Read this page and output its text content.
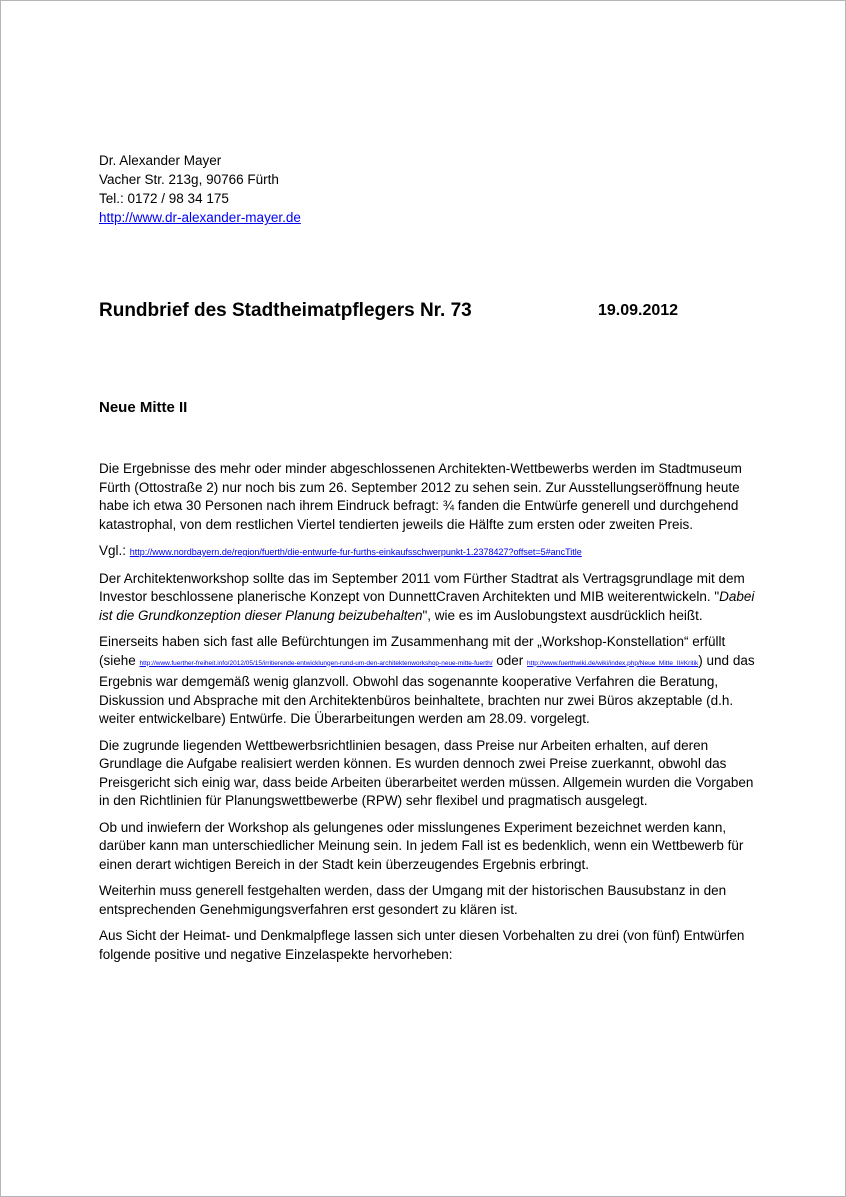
Dr. Alexander Mayer
Vacher Str. 213g, 90766 Fürth
Tel.: 0172 / 98 34 175
http://www.dr-alexander-mayer.de
Rundbrief des Stadtheimatpflegers Nr. 73	19.09.2012
Neue Mitte II

Die Ergebnisse des mehr oder minder abgeschlossenen Architekten-Wettbewerbs werden im Stadtmuseum Fürth (Ottostraße 2) nur noch bis zum 26. September 2012 zu sehen sein. Zur Ausstellungseröffnung heute habe ich etwa 30 Personen nach ihrem Eindruck befragt: ¾ fanden die Entwürfe generell und durchgehend katastrophal, von dem restlichen Viertel tendierten jeweils die Hälfte zum ersten oder zweiten Preis.

Vgl.: http://www.nordbayern.de/region/fuerth/die-entwurfe-fur-furths-einkaufsschwerpunkt-1.2378427?offset=5#ancTitle

Der Architektenworkshop sollte das im September 2011 vom Fürther Stadtrat als Vertragsgrundlage mit dem Investor beschlossene planerische Konzept von DunnettCraven Architekten und MIB weiterentwickeln. "Dabei ist die Grundkonzeption dieser Planung beizubehalten", wie es im Auslobungstext ausdrücklich heißt.

Einerseits haben sich fast alle Befürchtungen im Zusammenhang mit der „Workshop-Konstellation“ erfüllt (siehe http://www.fuerther-freiheit.info/2012/05/15/irritierende-entwicklungen-rund-um-den-architektenworkshop-neue-mitte-fuerth/ oder http://www.fuerthwiki.de/wiki/index.php/Neue_Mitte_II#Kritik) und das Ergebnis war demgemäß wenig glanzvoll. Obwohl das sogenannte kooperative Verfahren die Beratung, Diskussion und Absprache mit den Architektenbüros beinhaltete, brachten nur zwei Büros akzeptable (d.h. weiter entwickelbare) Entwürfe. Die Überarbeitungen werden am 28.09. vorgelegt.

Die zugrunde liegenden Wettbewerbsrichtlinien besagen, dass Preise nur Arbeiten erhalten, auf deren Grundlage die Aufgabe realisiert werden können. Es wurden dennoch zwei Preise zuerkannt, obwohl das Preisgericht sich einig war, dass beide Arbeiten überarbeitet werden müssen. Allgemein wurden die Vorgaben in den Richtlinien für Planungswettbewerbe (RPW) sehr flexibel und pragmatisch ausgelegt.

Ob und inwiefern der Workshop als gelungenes oder misslungenes Experiment bezeichnet werden kann, darüber kann man unterschiedlicher Meinung sein. In jedem Fall ist es bedenklich, wenn ein Wettbewerb für einen derart wichtigen Bereich in der Stadt kein überzeugendes Ergebnis erbringt.

Weiterhin muss generell festgehalten werden, dass der Umgang mit der historischen Bausubstanz in den entsprechenden Genehmigungsverfahren erst gesondert zu klären ist.

Aus Sicht der Heimat- und Denkmalpflege lassen sich unter diesen Vorbehalten zu drei (von fünf) Entwürfen folgende positive und negative Einzelaspekte hervorheben:
